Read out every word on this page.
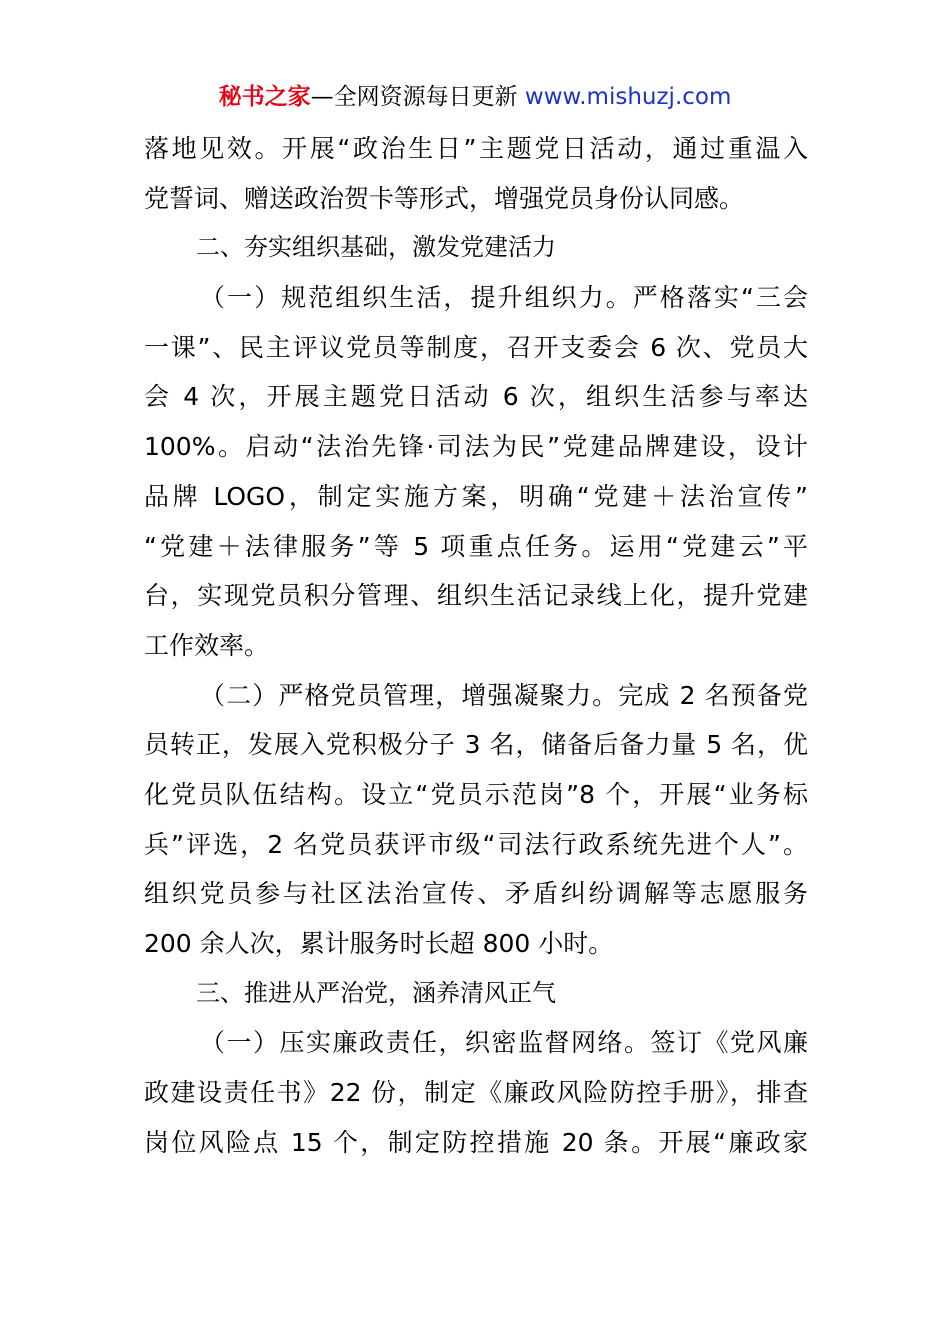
秘书之家—全网资源每日更新 www.mishuzj.com
落地见效。开展“政治生日”主题党日活动，通过重温入
党誓词、赠送政治贺卡等形式，增强党员身份认同感。
二、夯实组织基础，激发党建活力
（一）规范组织生活，提升组织力。严格落实“三会
一课”、民主评议党员等制度，召开支委会 6 次、党员大
会 4 次，开展主题党日活动 6 次，组织生活参与率达
100%。启动“法治先锋·司法为民”党建品牌建设，设计
品牌 LOGO，制定实施方案，明确“党建＋法治宣传”
“党建＋法律服务”等 5 项重点任务。运用“党建云”平
台，实现党员积分管理、组织生活记录线上化，提升党建
工作效率。
（二）严格党员管理，增强凝聚力。完成 2 名预备党
员转正，发展入党积极分子 3 名，储备后备力量 5 名，优
化党员队伍结构。设立“党员示范岗”8 个，开展“业务标
兵”评选，2 名党员获评市级“司法行政系统先进个人”。
组织党员参与社区法治宣传、矛盾纠纷调解等志愿服务
200 余人次，累计服务时长超 800 小时。
三、推进从严治党，涵养清风正气
（一）压实廉政责任，织密监督网络。签订《党风廉
政建设责任书》22 份，制定《廉政风险防控手册》，排查
岗位风险点 15 个，制定防控措施 20 条。开展“廉政家
